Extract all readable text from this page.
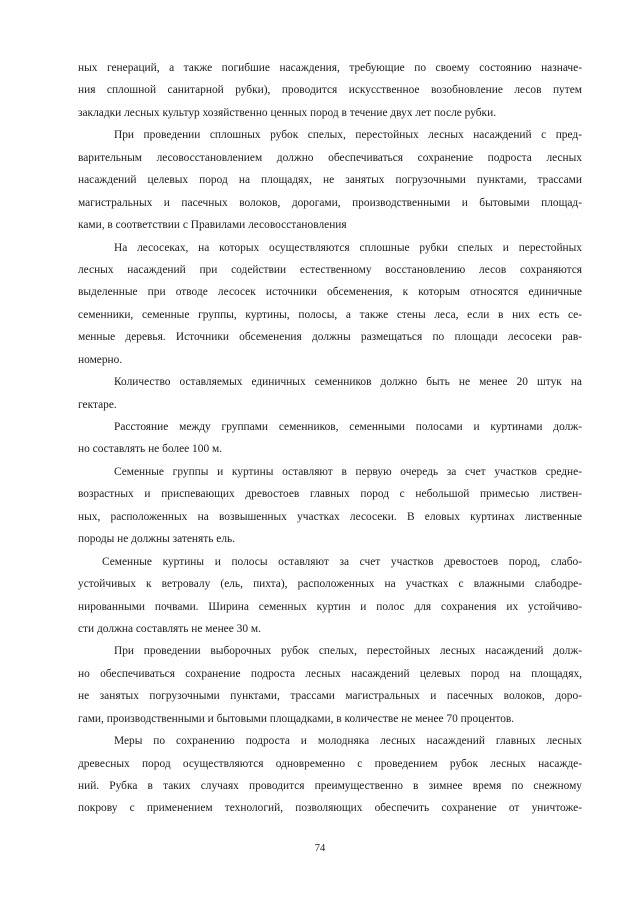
ных генераций, а также погибшие насаждения, требующие по своему состоянию назначе-
ния сплошной санитарной рубки), проводится искусственное возобновление лесов путем
закладки лесных культур хозяйственно ценных пород в течение двух лет после рубки.
При проведении сплошных рубок спелых, перестойных лесных насаждений с пред-
варительным лесовосстановлением должно обеспечиваться сохранение подроста лесных
насаждений целевых пород на площадях, не занятых погрузочными пунктами, трассами
магистральных и пасечных волоков, дорогами, производственными и бытовыми площад-
ками, в соответствии с Правилами лесовосстановления
На лесосеках, на которых осуществляются сплошные рубки спелых и перестойных
лесных насаждений при содействии естественному восстановлению лесов сохраняются
выделенные при отводе лесосек источники обсеменения, к которым относятся единичные
семенники, семенные группы, куртины, полосы, а также стены леса, если в них есть се-
менные деревья. Источники обсеменения должны размещаться по площади лесосеки рав-
номерно.
Количество оставляемых единичных семенников должно быть не менее 20 штук на
гектаре.
Расстояние между группами семенников, семенными полосами и куртинами долж-
но составлять не более 100 м.
Семенные группы и куртины оставляют в первую очередь за счет участков средне-
возрастных и приспевающих древостоев главных пород с небольшой примесью листвен-
ных, расположенных на возвышенных участках лесосеки. В еловых куртинах лиственные
породы не должны затенять ель.
Семенные куртины и полосы оставляют за счет участков древостоев пород, слабо-
устойчивых к ветровалу (ель, пихта), расположенных на участках с влажными слабодре-
нированными почвами. Ширина семенных куртин и полос для сохранения их устойчиво-
сти должна составлять не менее 30 м.
При проведении выборочных рубок спелых, перестойных лесных насаждений долж-
но обеспечиваться сохранение подроста лесных насаждений целевых пород на площадях,
не занятых погрузочными пунктами, трассами магистральных и пасечных волоков, доро-
гами, производственными и бытовыми площадками, в количестве не менее 70 процентов.
Меры по сохранению подроста и молодняка лесных насаждений главных лесных
древесных пород осуществляются одновременно с проведением рубок лесных насажде-
ний. Рубка в таких случаях проводится преимущественно в зимнее время по снежному
покрову с применением технологий, позволяющих обеспечить сохранение от уничтоже-
74
